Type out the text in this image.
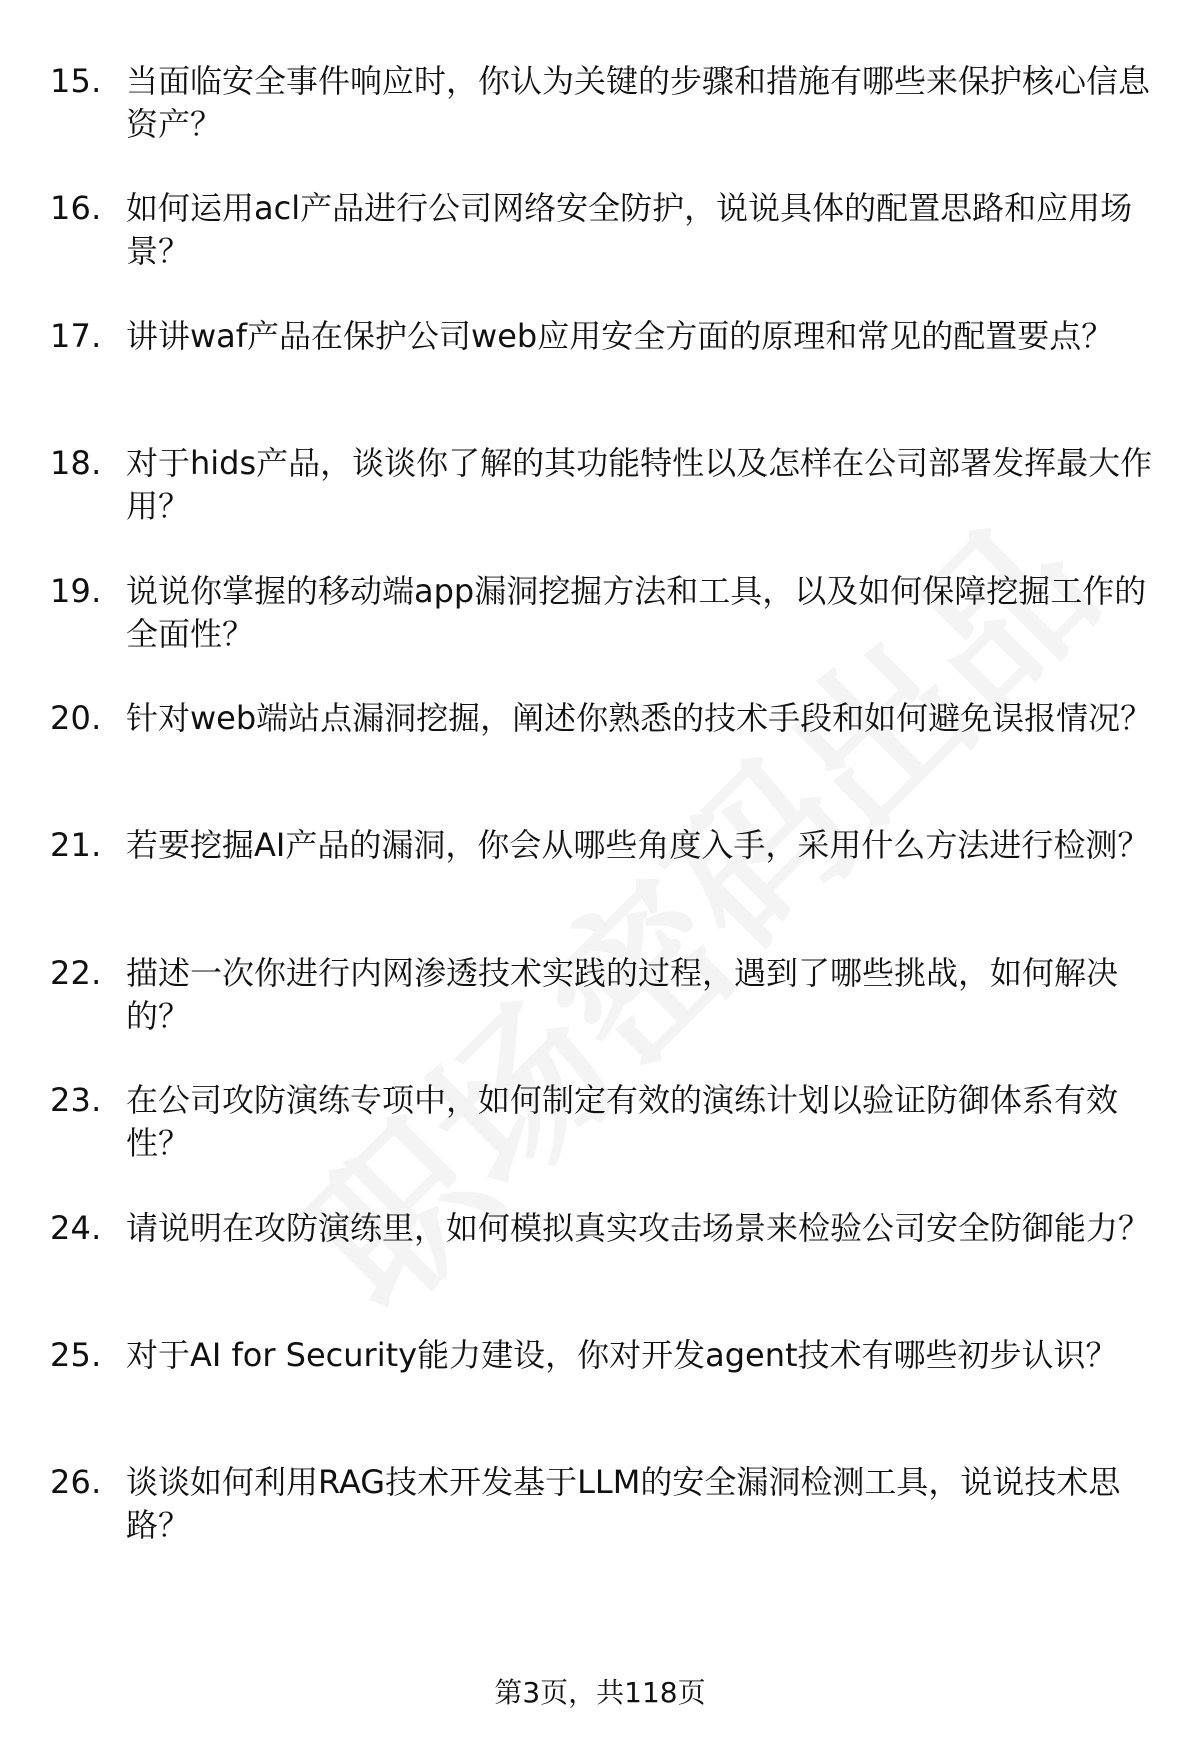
15. 当面临安全事件响应时，你认为关键的步骤和措施有哪些来保护核心信息资产？
16. 如何运用acl产品进行公司网络安全防护，说说具体的配置思路和应用场景？
17. 讲讲waf产品在保护公司web应用安全方面的原理和常见的配置要点？
18. 对于hids产品，谈谈你了解的其功能特性以及怎样在公司部署发挥最大作用？
19. 说说你掌握的移动端app漏洞挖掘方法和工具，以及如何保障挖掘工作的全面性？
20. 针对web端站点漏洞挖掘，阐述你熟悉的技术手段和如何避免误报情况？
21. 若要挖掘AI产品的漏洞，你会从哪些角度入手，采用什么方法进行检测？
22. 描述一次你进行内网渗透技术实践的过程，遇到了哪些挑战，如何解决的？
23. 在公司攻防演练专项中，如何制定有效的演练计划以验证防御体系有效性？
24. 请说明在攻防演练里，如何模拟真实攻击场景来检验公司安全防御能力？
25. 对于AI for Security能力建设，你对开发agent技术有哪些初步认识？
26. 谈谈如何利用RAG技术开发基于LLM的安全漏洞检测工具，说说技术思路？
第3页，共118页
